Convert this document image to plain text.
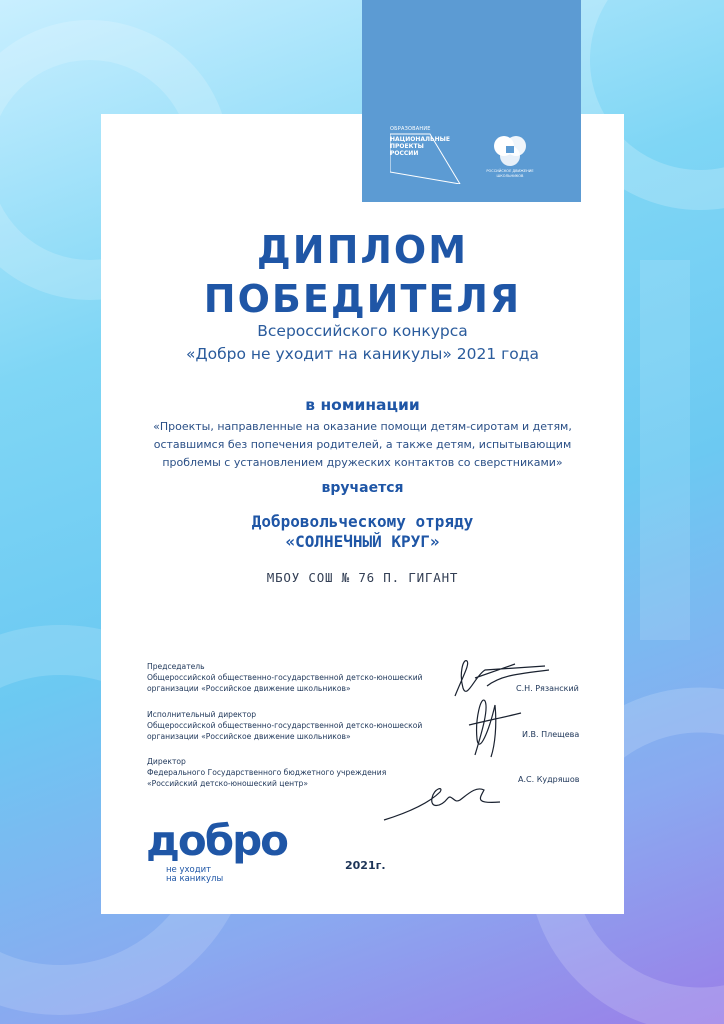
ОБРАЗОВАНИЕ
НАЦИОНАЛЬНЫЕ
ПРОЕКТЫ
РОССИИ
РОССИЙСКОЕ ДВИЖЕНИЕ ШКОЛЬНИКОВ
ДИПЛОМ
ПОБЕДИТЕЛЯ
Всероссийского конкурса
«Добро не уходит на каникулы» 2021 года
в номинации
«Проекты, направленные на оказание помощи детям-сиротам и детям,
оставшимся без попечения родителей, а также детям, испытывающим
проблемы с установлением дружеских контактов со сверстниками»
вручается
Добровольческому отряду
«СОЛНЕЧНЫЙ КРУГ»
МБОУ СОШ № 76 П. ГИГАНТ
Председатель
Общероссийской общественно-государственной детско-юношеский
организации «Российское движение школьников»	С.Н. Рязанский
Исполнительный директор
Общероссийской общественно-государственной детско-юношеской
организации «Российское движение школьников»	И.В. Плещева
Директор
Федерального Государственного бюджетного учреждения
«Российский детско-юношеский центр»	А.С. Кудряшов
добро
не уходит
на каникулы
2021г.
